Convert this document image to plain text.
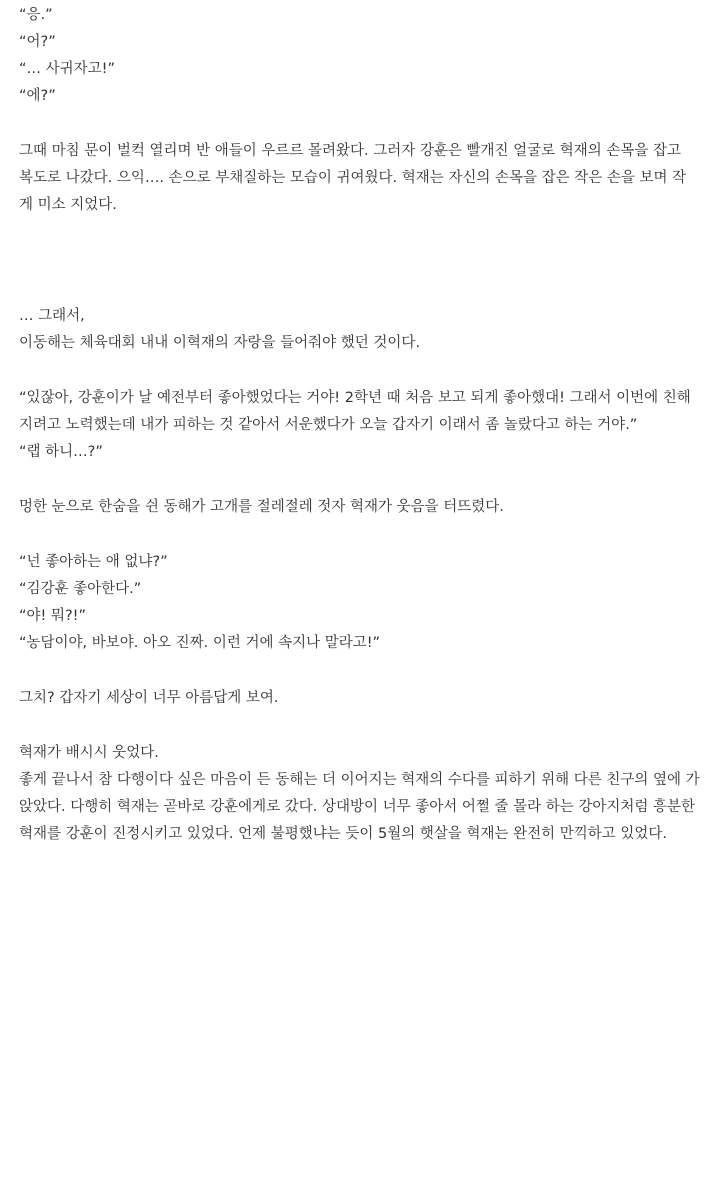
“응.”
“어?”
“… 사귀자고!”
“에?”
그때 마침 문이 벌컥 열리며 반 애들이 우르르 몰려왔다. 그러자 강훈은 빨개진 얼굴로 혁재의 손목을 잡고
복도로 나갔다. 으익…. 손으로 부채질하는 모습이 귀여웠다. 혁재는 자신의 손목을 잡은 작은 손을 보며 작
게 미소 지었다.
… 그래서,
이동해는 체육대회 내내 이혁재의 자랑을 들어줘야 했던 것이다.
“있잖아, 강훈이가 날 예전부터 좋아했었다는 거야! 2학년 때 처음 보고 되게 좋아했대! 그래서 이번에 친해
지려고 노력했는데 내가 피하는 것 같아서 서운했다가 오늘 갑자기 이래서 좀 놀랐다고 하는 거야.”
“랩 하니…?”
멍한 눈으로 한숨을 쉰 동해가 고개를 절레절레 젓자 혁재가 웃음을 터뜨렸다.
“넌 좋아하는 애 없냐?”
“김강훈 좋아한다.”
“야! 뭐?!”
“농담이야, 바보야. 아오 진짜. 이런 거에 속지나 말라고!”
그치? 갑자기 세상이 너무 아름답게 보여.
혁재가 배시시 웃었다.
좋게 끝나서 참 다행이다 싶은 마음이 든 동해는 더 이어지는 혁재의 수다를 피하기 위해 다른 친구의 옆에 가
앉았다. 다행히 혁재는 곧바로 강훈에게로 갔다. 상대방이 너무 좋아서 어쩔 줄 몰라 하는 강아지처럼 흥분한
혁재를 강훈이 진정시키고 있었다. 언제 불평했냐는 듯이 5월의 햇살을 혁재는 완전히 만끽하고 있었다.
